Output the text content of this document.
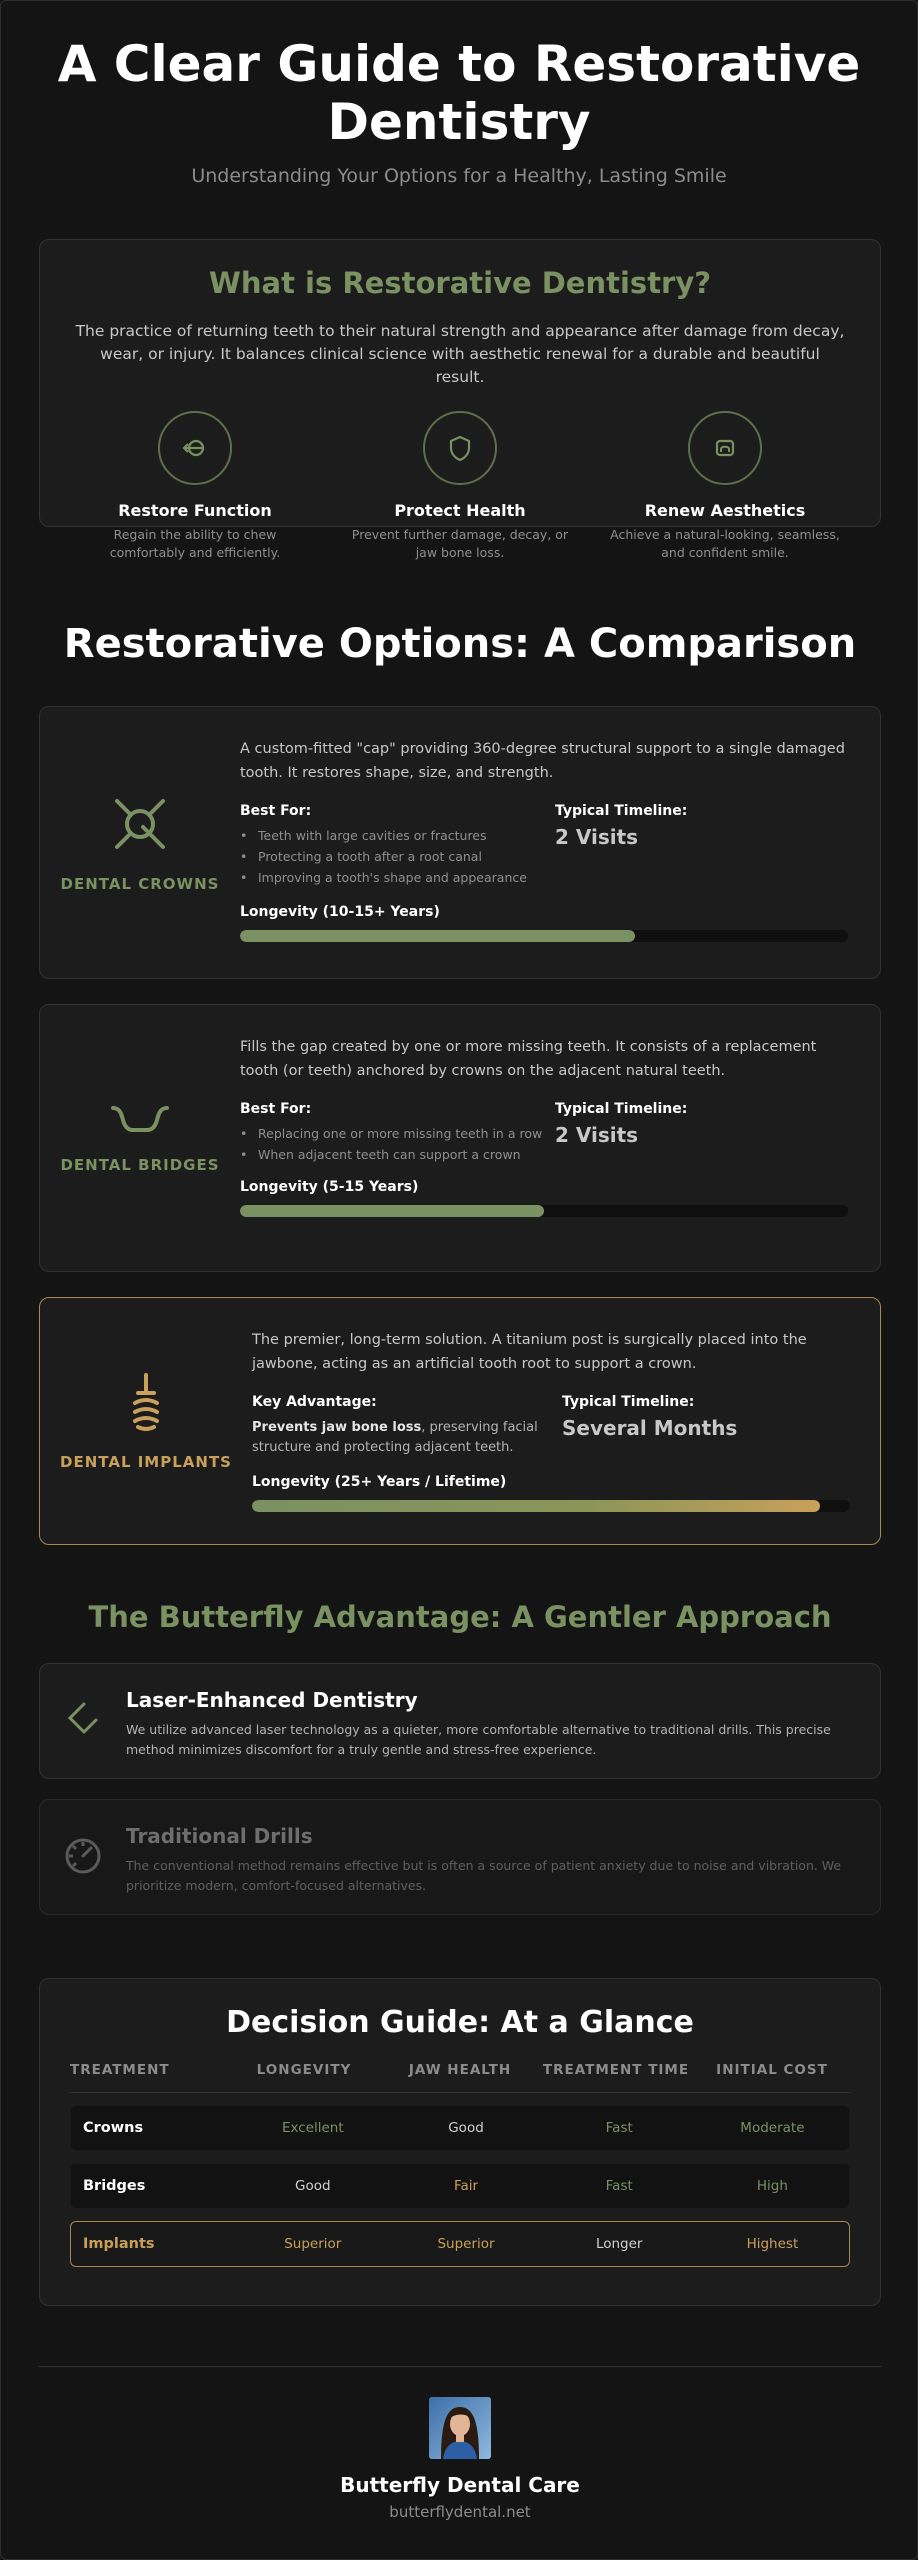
A Clear Guide to Restorative Dentistry

Understanding Your Options for a Healthy, Lasting Smile

What is Restorative Dentistry?

The practice of returning teeth to their natural strength and appearance after damage from decay, wear, or injury. It balances clinical science with aesthetic renewal for a durable and beautiful result.

Restore Function
Regain the ability to chew comfortably and efficiently.
Protect Health
Prevent further damage, decay, or jaw bone loss.
Renew Aesthetics
Achieve a natural-looking, seamless, and confident smile.
Restorative Options: A Comparison
DENTAL CROWNS

A custom-fitted "cap" providing 360-degree structural support to a single damaged tooth. It restores shape, size, and strength.

Best For:
• Teeth with large cavities or fractures
• Protecting a tooth after a root canal
• Improving a tooth's shape and appearance
Typical Timeline:
2 Visits
Longevity (10-15+ Years)
DENTAL BRIDGES

Fills the gap created by one or more missing teeth. It consists of a replacement tooth (or teeth) anchored by crowns on the adjacent natural teeth.

Best For:
• Replacing one or more missing teeth in a row
• When adjacent teeth can support a crown
Typical Timeline:
2 Visits
Longevity (5-15 Years)
DENTAL IMPLANTS

The premier, long-term solution. A titanium post is surgically placed into the jawbone, acting as an artificial tooth root to support a crown.

Key Advantage:
Prevents jaw bone loss, preserving facial structure and protecting adjacent teeth.
Typical Timeline:
Several Months
Longevity (25+ Years / Lifetime)
The Butterfly Advantage: A Gentler Approach
Laser-Enhanced Dentistry
We utilize advanced laser technology as a quieter, more comfortable alternative to traditional drills. This precise method minimizes discomfort for a truly gentle and stress-free experience.
Traditional Drills
The conventional method remains effective but is often a source of patient anxiety due to noise and vibration. We prioritize modern, comfort-focused alternatives.
Decision Guide: At a Glance
TREATMENT	LONGEVITY	JAW HEALTH	TREATMENT TIME	INITIAL COST
Crowns	Excellent	Good	Fast	Moderate
Bridges	Good	Fair	Fast	High
Implants	Superior	Superior	Longer	Highest
Butterfly Dental Care
butterflydental.net
